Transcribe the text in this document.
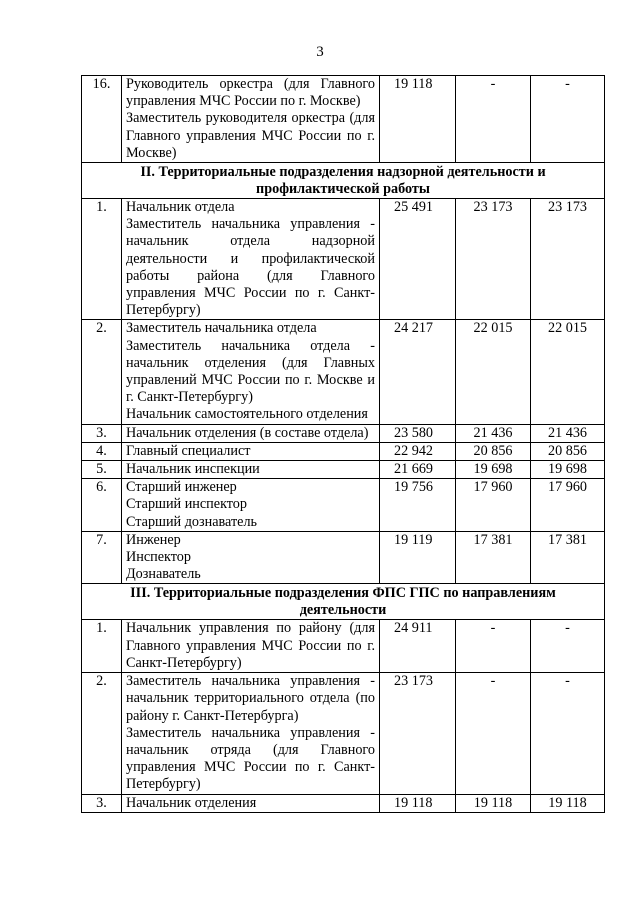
3
16.	Руководитель оркестра (для Главного управления МЧС России по г. Москве)
Заместитель руководителя оркестра (для Главного управления МЧС России по г. Москве)	19 118	-	-
II. Территориальные подразделения надзорной деятельности и профилактической работы				
1.	Начальник отдела
Заместитель начальника управления - начальник отдела надзорной деятельности и профилактической работы района (для Главного управления МЧС России по г. Санкт-Петербургу)	25 491	23 173	23 173
2.	Заместитель начальника отдела
Заместитель начальника отдела - начальник отделения (для Главных управлений МЧС России по г. Москве и г. Санкт-Петербургу)
Начальник самостоятельного отделения	24 217	22 015	22 015
3.	Начальник отделения (в составе отдела)	23 580	21 436	21 436
4.	Главный специалист	22 942	20 856	20 856
5.	Начальник инспекции	21 669	19 698	19 698
6.	Старший инженер
Старший инспектор
Старший дознаватель	19 756	17 960	17 960
7.	Инженер
Инспектор
Дознаватель	19 119	17 381	17 381
III. Территориальные подразделения ФПС ГПС по направлениям деятельности				
1.	Начальник управления по району (для Главного управления МЧС России по г. Санкт-Петербургу)	24 911	-	-
2.	Заместитель начальника управления - начальник территориального отдела (по району г. Санкт-Петербурга)
Заместитель начальника управления - начальник отряда (для Главного управления МЧС России по г. Санкт-Петербургу)	23 173	-	-
3.	Начальник отделения	19 118	19 118	19 118
